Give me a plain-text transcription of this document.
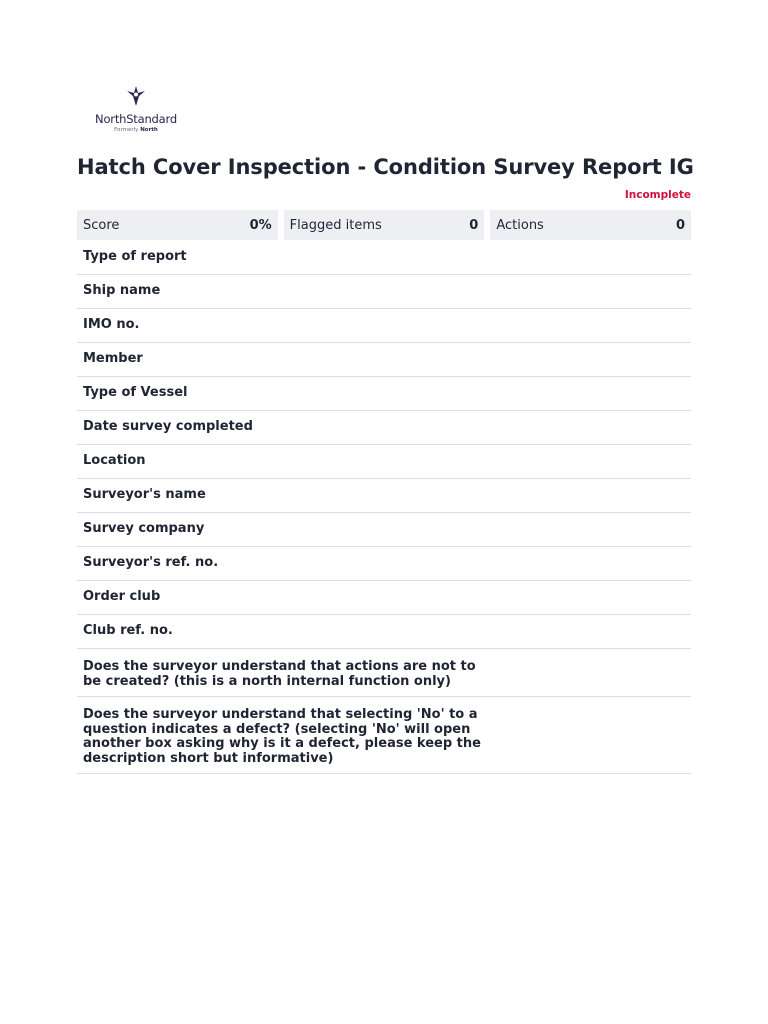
NorthStandard
Formerly North
Hatch Cover Inspection - Condition Survey Report IG
Incomplete
Score	0% Flagged items	0 Actions	0
Type of report
Ship name
IMO no.
Member
Type of Vessel
Date survey completed
Location
Surveyor's name
Survey company
Surveyor's ref. no.
Order club
Club ref. no.
Does the surveyor understand that actions are not to be created? (this is a north internal function only)
Does the surveyor understand that selecting 'No' to a question indicates a defect? (selecting 'No' will open another box asking why is it a defect, please keep the description short but informative)
